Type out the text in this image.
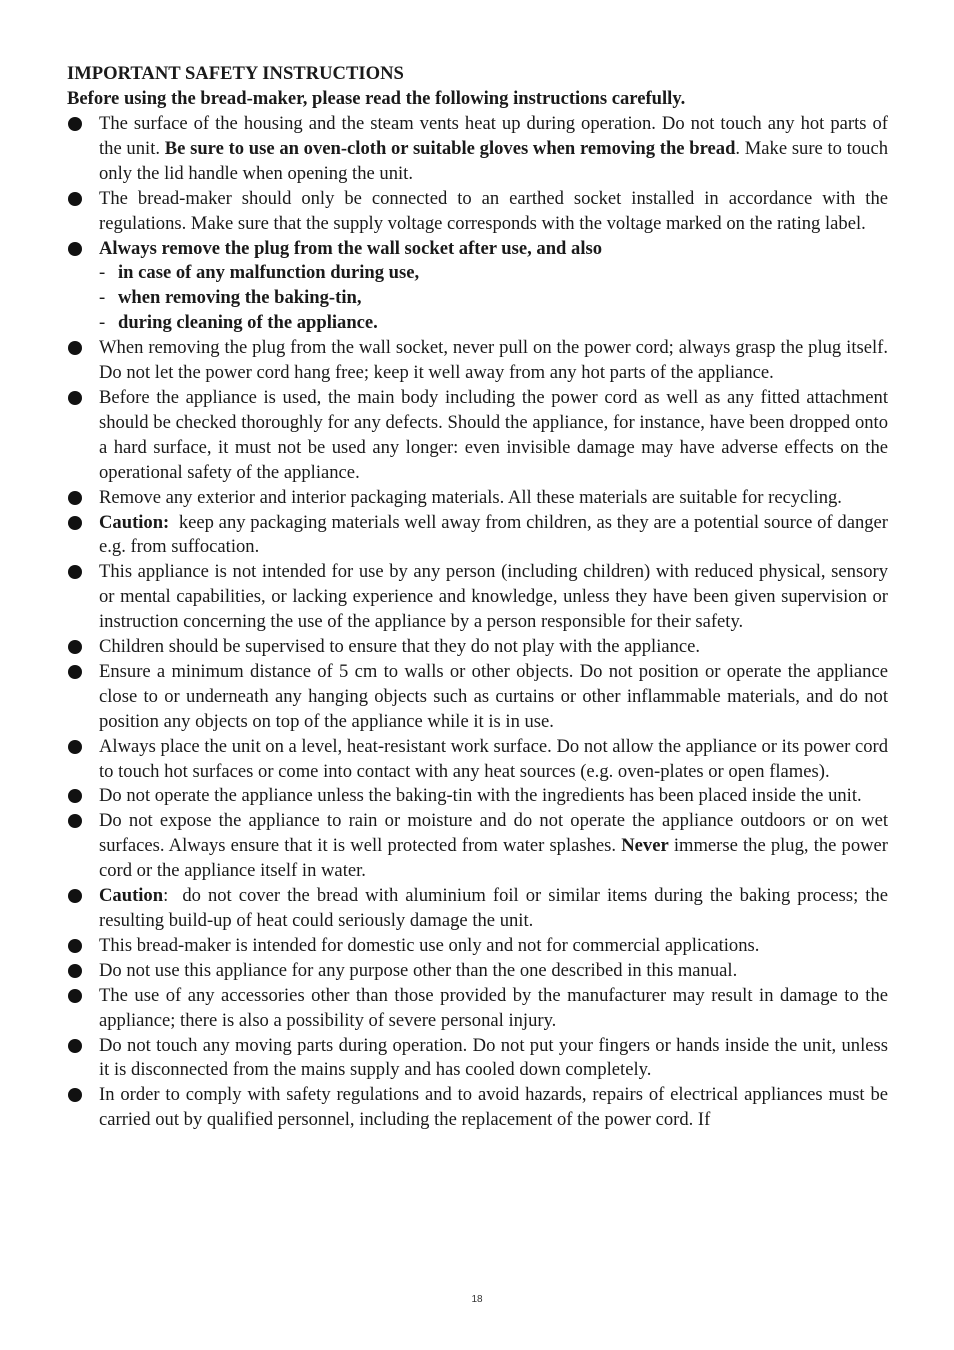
IMPORTANT SAFETY INSTRUCTIONS
Before using the bread-maker, please read the following instructions carefully.
The surface of the housing and the steam vents heat up during operation. Do not touch any hot parts of the unit. Be sure to use an oven-cloth or suitable gloves when removing the bread. Make sure to touch only the lid handle when opening the unit.
The bread-maker should only be connected to an earthed socket installed in accordance with the regulations. Make sure that the supply voltage corresponds with the voltage marked on the rating label.
Always remove the plug from the wall socket after use, and also
- in case of any malfunction during use,
- when removing the baking-tin,
- during cleaning of the appliance.
When removing the plug from the wall socket, never pull on the power cord; always grasp the plug itself. Do not let the power cord hang free; keep it well away from any hot parts of the appliance.
Before the appliance is used, the main body including the power cord as well as any fitted attachment should be checked thoroughly for any defects. Should the appliance, for instance, have been dropped onto a hard surface, it must not be used any longer: even invisible damage may have adverse effects on the operational safety of the appliance.
Remove any exterior and interior packaging materials. All these materials are suitable for recycling.
Caution:  keep any packaging materials well away from children, as they are a potential source of danger e.g. from suffocation.
This appliance is not intended for use by any person (including children) with reduced physical, sensory or mental capabilities, or lacking experience and knowledge, unless they have been given supervision or instruction concerning the use of the appliance by a person responsible for their safety.
Children should be supervised to ensure that they do not play with the appliance.
Ensure a minimum distance of 5 cm to walls or other objects. Do not position or operate the appliance close to or underneath any hanging objects such as curtains or other inflammable materials, and do not position any objects on top of the appliance while it is in use.
Always place the unit on a level, heat-resistant work surface. Do not allow the appliance or its power cord to touch hot surfaces or come into contact with any heat sources (e.g. oven-plates or open flames).
Do not operate the appliance unless the baking-tin with the ingredients has been placed inside the unit.
Do not expose the appliance to rain or moisture and do not operate the appliance outdoors or on wet surfaces. Always ensure that it is well protected from water splashes. Never immerse the plug, the power cord or the appliance itself in water.
Caution:  do not cover the bread with aluminium foil or similar items during the baking process; the resulting build-up of heat could seriously damage the unit.
This bread-maker is intended for domestic use only and not for commercial applications.
Do not use this appliance for any purpose other than the one described in this manual.
The use of any accessories other than those provided by the manufacturer may result in damage to the appliance; there is also a possibility of severe personal injury.
Do not touch any moving parts during operation. Do not put your fingers or hands inside the unit, unless it is disconnected from the mains supply and has cooled down completely.
In order to comply with safety regulations and to avoid hazards, repairs of electrical appliances must be carried out by qualified personnel, including the replacement of the power cord. If
18
